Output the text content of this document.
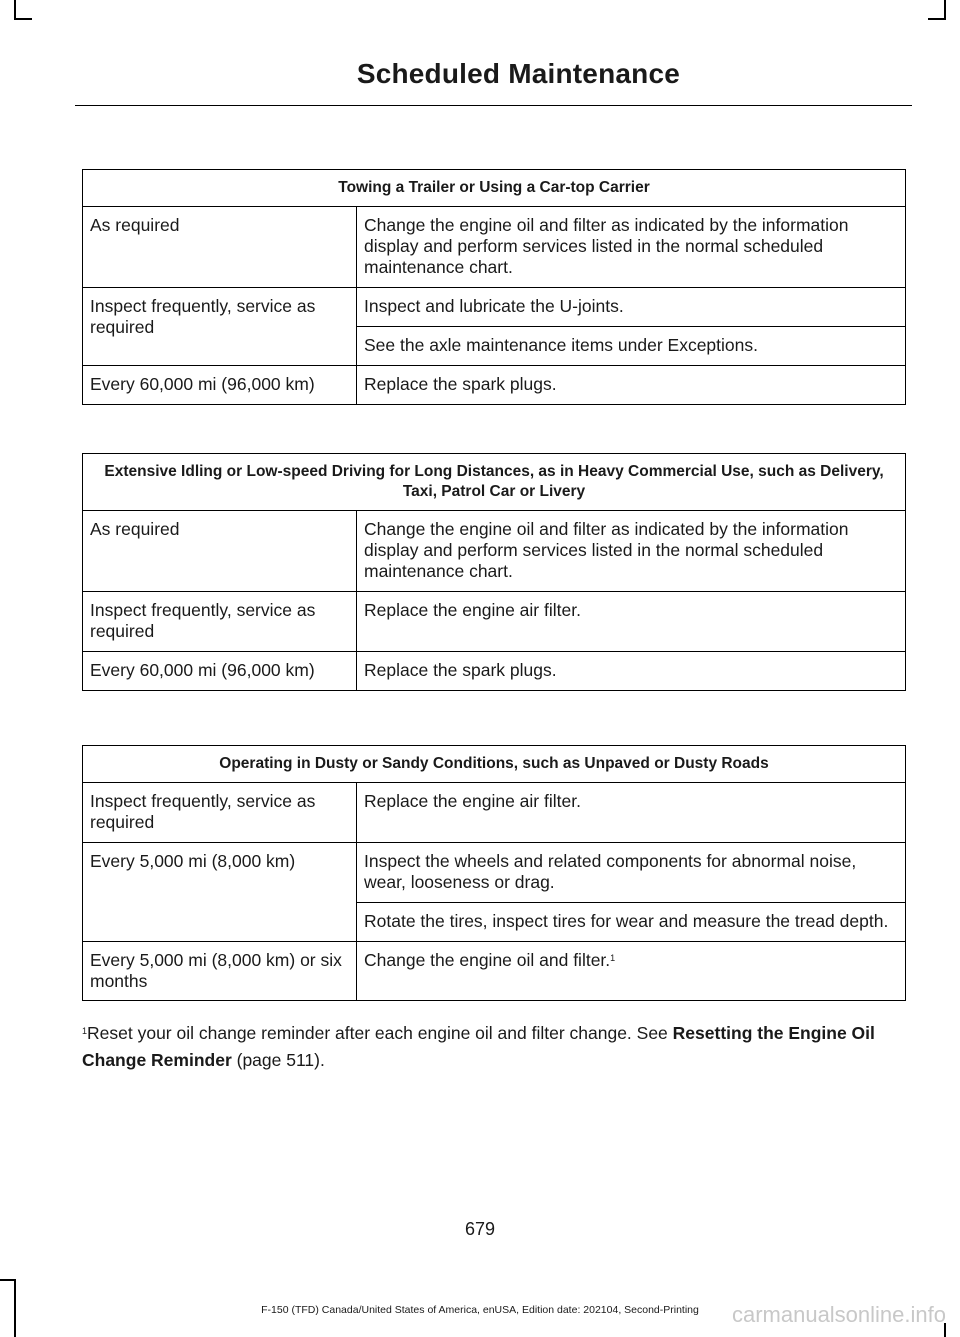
Scheduled Maintenance
Towing a Trailer or Using a Car-top Carrier	
As required	Change the engine oil and filter as indicated by the information display and perform services listed in the normal scheduled maintenance chart.
Inspect frequently, service as required	Inspect and lubricate the U-joints.
	See the axle maintenance items under Exceptions.
Every 60,000 mi (96,000 km)	Replace the spark plugs.
Extensive Idling or Low-speed Driving for Long Distances, as in Heavy Commercial Use, such as Delivery, Taxi, Patrol Car or Livery	
As required	Change the engine oil and filter as indicated by the information display and perform services listed in the normal scheduled maintenance chart.
Inspect frequently, service as required	Replace the engine air filter.
Every 60,000 mi (96,000 km)	Replace the spark plugs.
Operating in Dusty or Sandy Conditions, such as Unpaved or Dusty Roads	
Inspect frequently, service as required	Replace the engine air filter.
Every 5,000 mi (8,000 km)	Inspect the wheels and related components for abnormal noise, wear, looseness or drag.
	Rotate the tires, inspect tires for wear and measure the tread depth.
Every 5,000 mi (8,000 km) or six months	Change the engine oil and filter.$^1$
$^1$Reset your oil change reminder after each engine oil and filter change. See Resetting the Engine Oil Change Reminder (page 511).
679
F-150 (TFD) Canada/United States of America, enUSA, Edition date: 202104, Second-Printing	carmanualsonline.info
